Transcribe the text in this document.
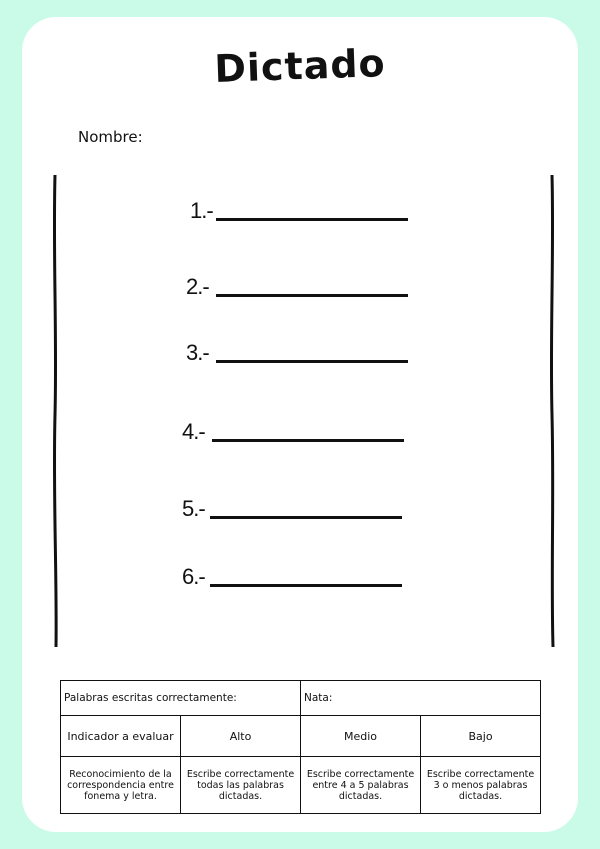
Dictado
Nombre:
1.-
2.-
3.-
4.-
5.-
6.-
Palabras escritas correctamente:		Nata:	
Indicador a evaluar	Alto	Medio	Bajo
Reconocimiento de la correspondencia entre fonema y letra.	Escribe correctamente todas las palabras dictadas.	Escribe correctamente entre 4 a 5 palabras dictadas.	Escribe correctamente 3 o menos palabras dictadas.
